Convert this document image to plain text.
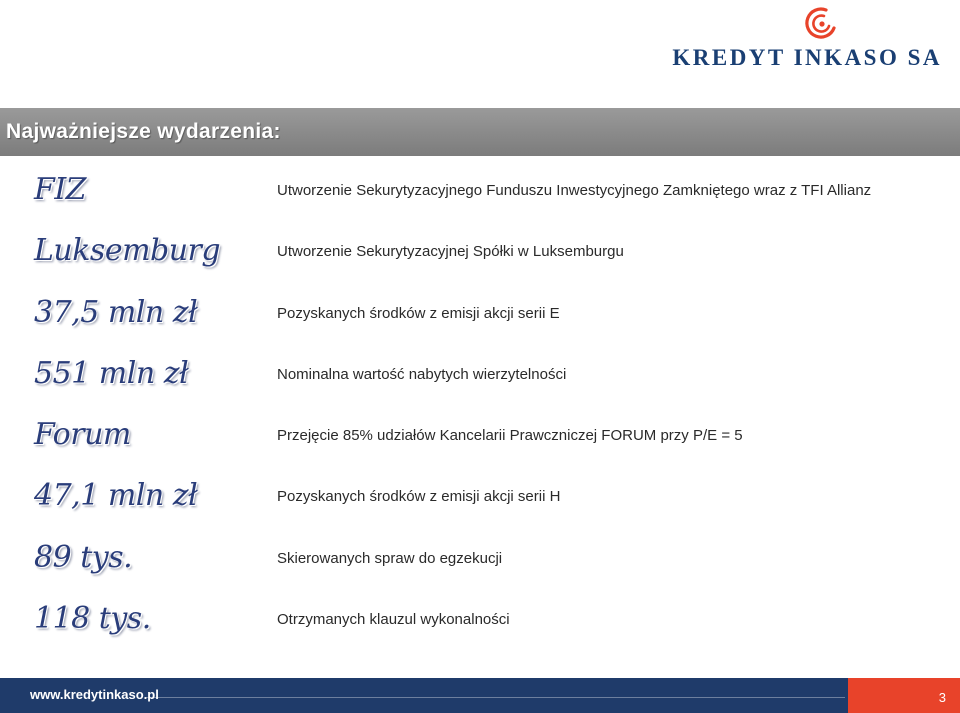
KREDYT INKASO SA
Najważniejsze wydarzenia:
FIZ	Utworzenie Sekurytyzacyjnego Funduszu Inwestycyjnego Zamkniętego wraz z TFI Allianz
Luksemburg	Utworzenie Sekurytyzacyjnej Spółki w Luksemburgu
37,5 mln zł	Pozyskanych środków z emisji akcji serii E
551 mln zł	Nominalna wartość nabytych wierzytelności
Forum	Przejęcie 85% udziałów Kancelarii Prawczniczej FORUM przy P/E = 5
47,1 mln zł	Pozyskanych środków z emisji akcji serii H
89 tys.	Skierowanych spraw do egzekucji
118 tys.	Otrzymanych klauzul wykonalności
www.kredytinkaso.pl	3
